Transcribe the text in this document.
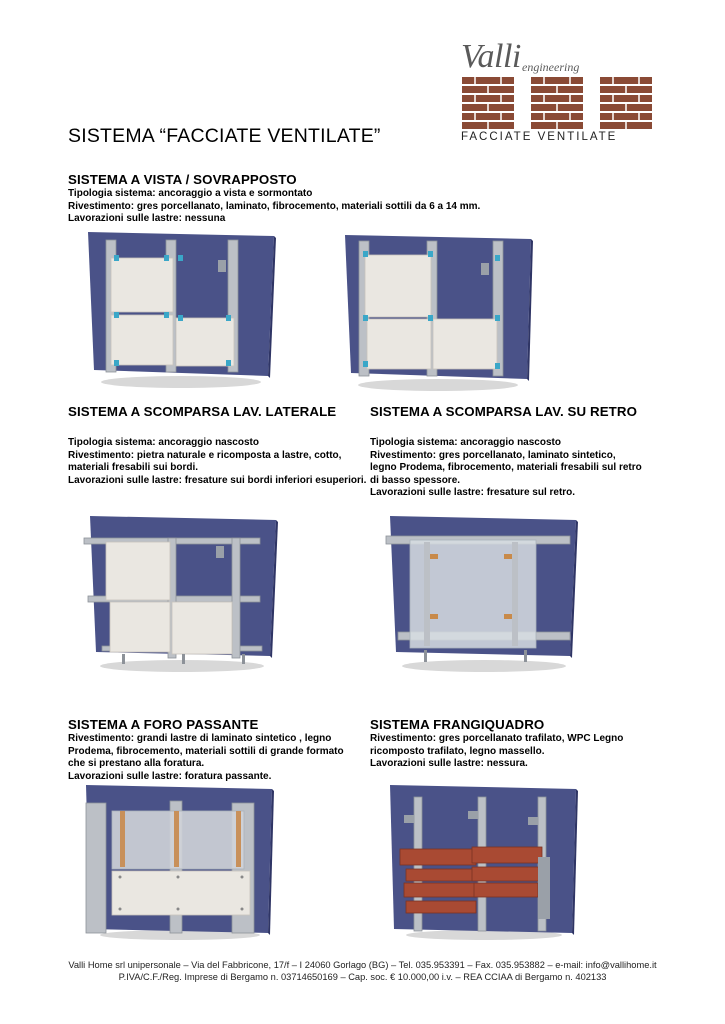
Valli engineering
FACCIATE VENTILATE
SISTEMA “FACCIATE VENTILATE”
SISTEMA A VISTA / SOVRAPPOSTO
Tipologia sistema: ancoraggio a vista e sormontato
Rivestimento: gres porcellanato, laminato, fibrocemento, materiali sottili da 6 a 14 mm.
Lavorazioni sulle lastre: nessuna
SISTEMA A SCOMPARSA LAV. LATERALE
Tipologia sistema: ancoraggio nascosto
Rivestimento: pietra naturale e ricomposta a lastre, cotto,
materiali fresabili sui bordi.
Lavorazioni sulle lastre: fresature sui bordi inferiori esuperiori.
SISTEMA A SCOMPARSA LAV. SU RETRO
Tipologia sistema: ancoraggio nascosto
Rivestimento: gres porcellanato, laminato sintetico,
legno Prodema, fibrocemento, materiali fresabili sul retro
di basso spessore.
Lavorazioni sulle lastre: fresature sul retro.
SISTEMA A FORO PASSANTE
Rivestimento: grandi lastre di laminato sintetico , legno
Prodema, fibrocemento, materiali sottili di grande formato
che si prestano alla foratura.
Lavorazioni sulle lastre: foratura passante.
SISTEMA FRANGIQUADRO
Rivestimento: gres porcellanato trafilato, WPC Legno
ricomposto trafilato, legno massello.
Lavorazioni sulle lastre: nessura.
Valli Home srl unipersonale – Via del Fabbricone, 17/f – I 24060 Gorlago (BG) – Tel. 035.953391 – Fax. 035.953882 – e-mail: info@vallihome.it
P.IVA/C.F./Reg. Imprese di Bergamo n. 03714650169 – Cap. soc. € 10.000,00 i.v. – REA CCIAA di Bergamo n. 402133
